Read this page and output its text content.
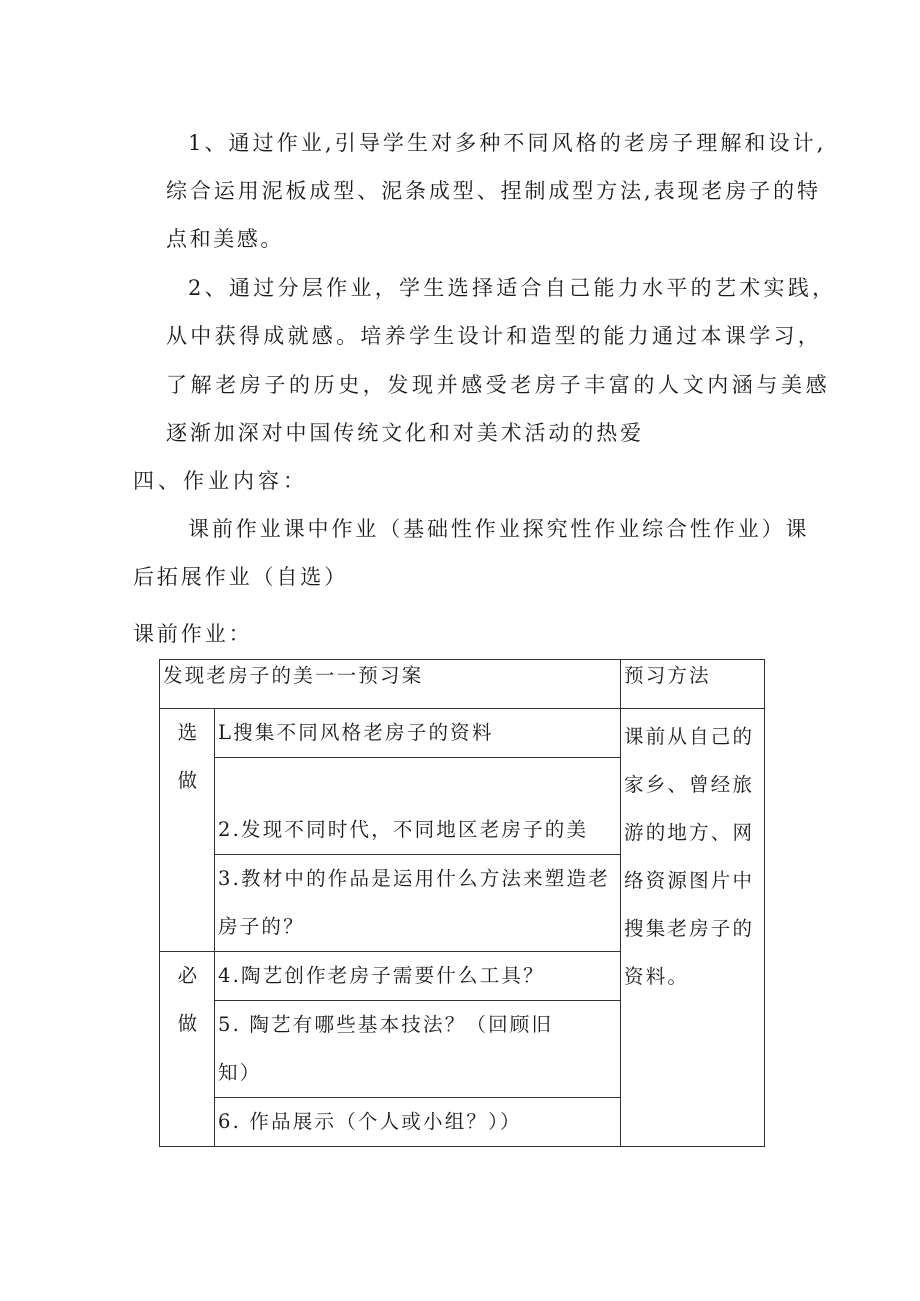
1、通过作业,引导学生对多种不同风格的老房子理解和设计,
综合运用泥板成型、泥条成型、捏制成型方法,表现老房子的特
点和美感。
2、通过分层作业，学生选择适合自己能力水平的艺术实践，
从中获得成就感。培养学生设计和造型的能力通过本课学习，
了解老房子的历史，发现并感受老房子丰富的人文内涵与美感
逐渐加深对中国传统文化和对美术活动的热爱
四、作业内容：
课前作业课中作业（基础性作业探究性作业综合性作业）课
后拓展作业（自选）
课前作业：
发现老房子的美一一预习案		预习方法	

选
做	L搜集不同风格老房子的资料	课前从自己的家乡、曾经旅游的地方、网络资源图片中搜集老房子的资料。	
	2.发现不同时代，不同地区老房子的美		
	3.教材中的作品是运用什么方法来塑造老房子的？		

必
做	4.陶艺创作老房子需要什么工具？		
	5. 陶艺有哪些基本技法？（回顾旧知）		
	6. 作品展示（个人或小组？））		
